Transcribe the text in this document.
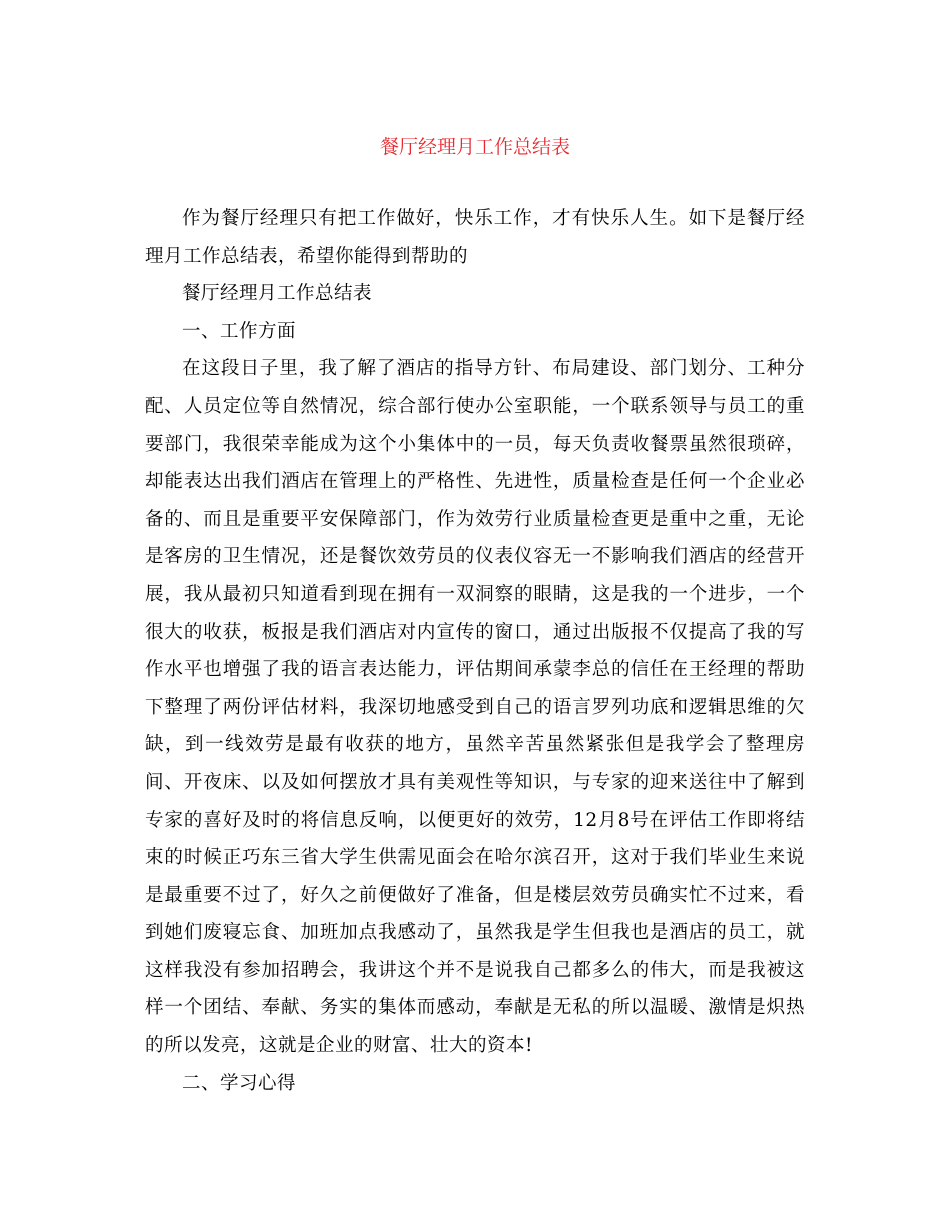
餐厅经理月工作总结表

作为餐厅经理只有把工作做好，快乐工作，才有快乐人生。如下是餐厅经理月工作总结表，希望你能得到帮助的

餐厅经理月工作总结表

一、工作方面

在这段日子里，我了解了酒店的指导方针、布局建设、部门划分、工种分配、人员定位等自然情况，综合部行使办公室职能，一个联系领导与员工的重要部门，我很荣幸能成为这个小集体中的一员，每天负责收餐票虽然很琐碎，却能表达出我们酒店在管理上的严格性、先进性，质量检查是任何一个企业必备的、而且是重要平安保障部门，作为效劳行业质量检查更是重中之重，无论是客房的卫生情况，还是餐饮效劳员的仪表仪容无一不影响我们酒店的经营开展，我从最初只知道看到现在拥有一双洞察的眼睛，这是我的一个进步，一个很大的收获，板报是我们酒店对内宣传的窗口，通过出版报不仅提高了我的写作水平也增强了我的语言表达能力，评估期间承蒙李总的信任在王经理的帮助下整理了两份评估材料，我深切地感受到自己的语言罗列功底和逻辑思维的欠缺，到一线效劳是最有收获的地方，虽然辛苦虽然紧张但是我学会了整理房间、开夜床、以及如何摆放才具有美观性等知识，与专家的迎来送往中了解到专家的喜好及时的将信息反响，以便更好的效劳，12月8号在评估工作即将结束的时候正巧东三省大学生供需见面会在哈尔滨召开，这对于我们毕业生来说是最重要不过了，好久之前便做好了准备，但是楼层效劳员确实忙不过来，看到她们废寝忘食、加班加点我感动了，虽然我是学生但我也是酒店的员工，就这样我没有参加招聘会，我讲这个并不是说我自己都多么的伟大，而是我被这样一个团结、奉献、务实的集体而感动，奉献是无私的所以温暖、激情是炽热的所以发亮，这就是企业的财富、壮大的资本!

二、学习心得
